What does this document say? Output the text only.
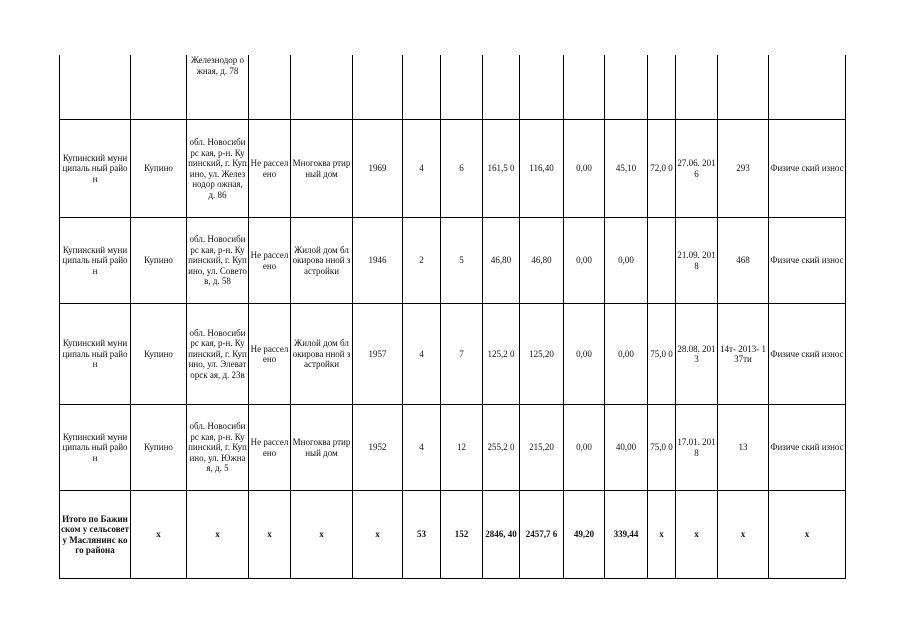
		Железнодор ожная, д. 78													
Купинский муниципаль ный район	Купино	обл. Новосибирс кая, р-н. Купинский, г. Купино, ул. Железнодор ожная, д. 86	Не рассел ено	Многоква ртирный дом	1969	4	6	161,5 0	116,40	0,00	45,10	72,0 0	27.06. 2016	293	Физиче ский износ
Купинский муниципаль ный район	Купино	обл. Новосибирс кая, р-н. Купинский, г. Купино, ул. Советов, д. 58	Не рассел ено	Жилой дом блокирова нной застройки	1946	2	5	46,80	46,80	0,00	0,00		21.09. 2018	468	Физиче ский износ
Купинский муниципаль ный район	Купино	обл. Новосибирс кая, р-н. Купинский, г. Купино, ул. Элеваторск ая, д. 23в	Не рассел ено	Жилой дом блокирова нной застройки	1957	4	7	125,2 0	125,20	0,00	0,00	75,0 0	28.08. 2013	14т- 2013- 137ти	Физиче ский износ
Купинский муниципаль ный район	Купино	обл. Новосибирс кая, р-н. Купинский, г. Купино, ул. Южная, д. 5	Не рассел ено	Многоква ртирный дом	1952	4	12	255,2 0	215,20	0,00	40,00	75,0 0	17.01. 2018	13	Физиче ский износ
Итого по Бажинском у сельсовету Маслянинс кого района	x	x	x	x	x	53	152	2846, 40	2457,7 6	49,20	339,44	x	x	x	x
